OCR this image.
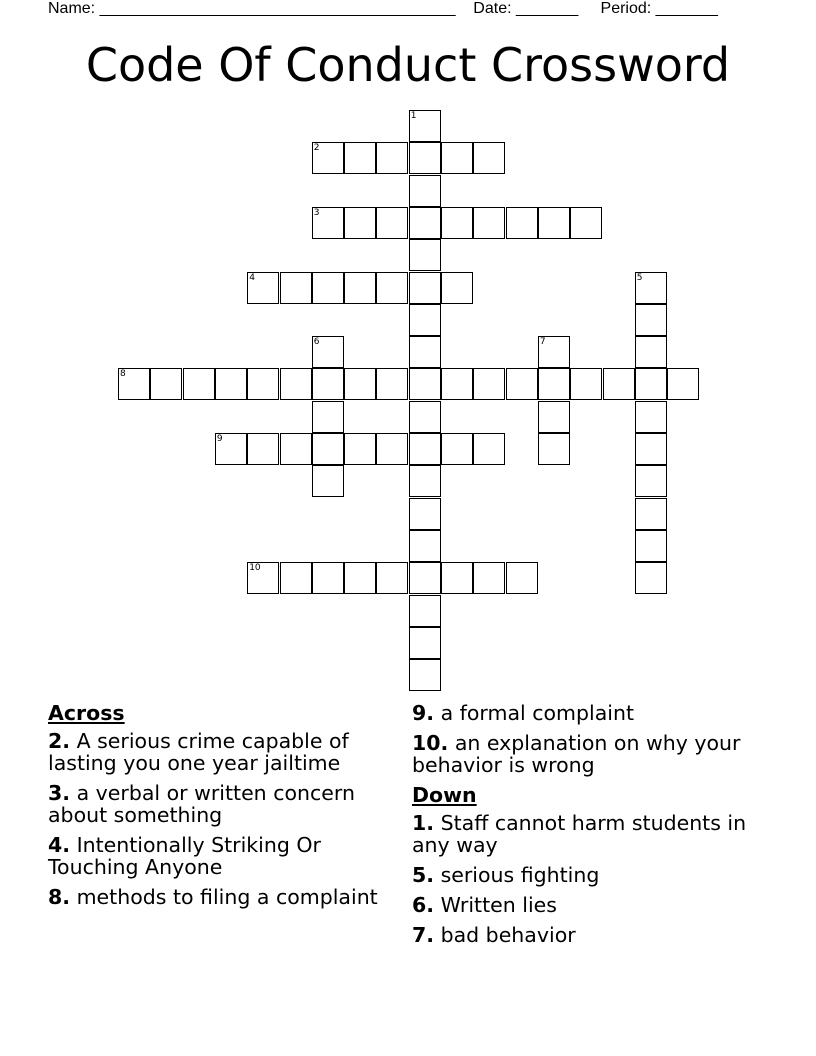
Name: ________________________________________ Date: _______ Period: _______
Code Of Conduct Crossword
1
2
3
4	5
6	7
8
9
10
Across
2. A serious crime capable of lasting you one year jailtime
3. a verbal or written concern about something
4. Intentionally Striking Or Touching Anyone
8. methods to filing a complaint
9. a formal complaint
10. an explanation on why your behavior is wrong
Down
1. Staff cannot harm students in any way
5. serious fighting
6. Written lies
7. bad behavior
